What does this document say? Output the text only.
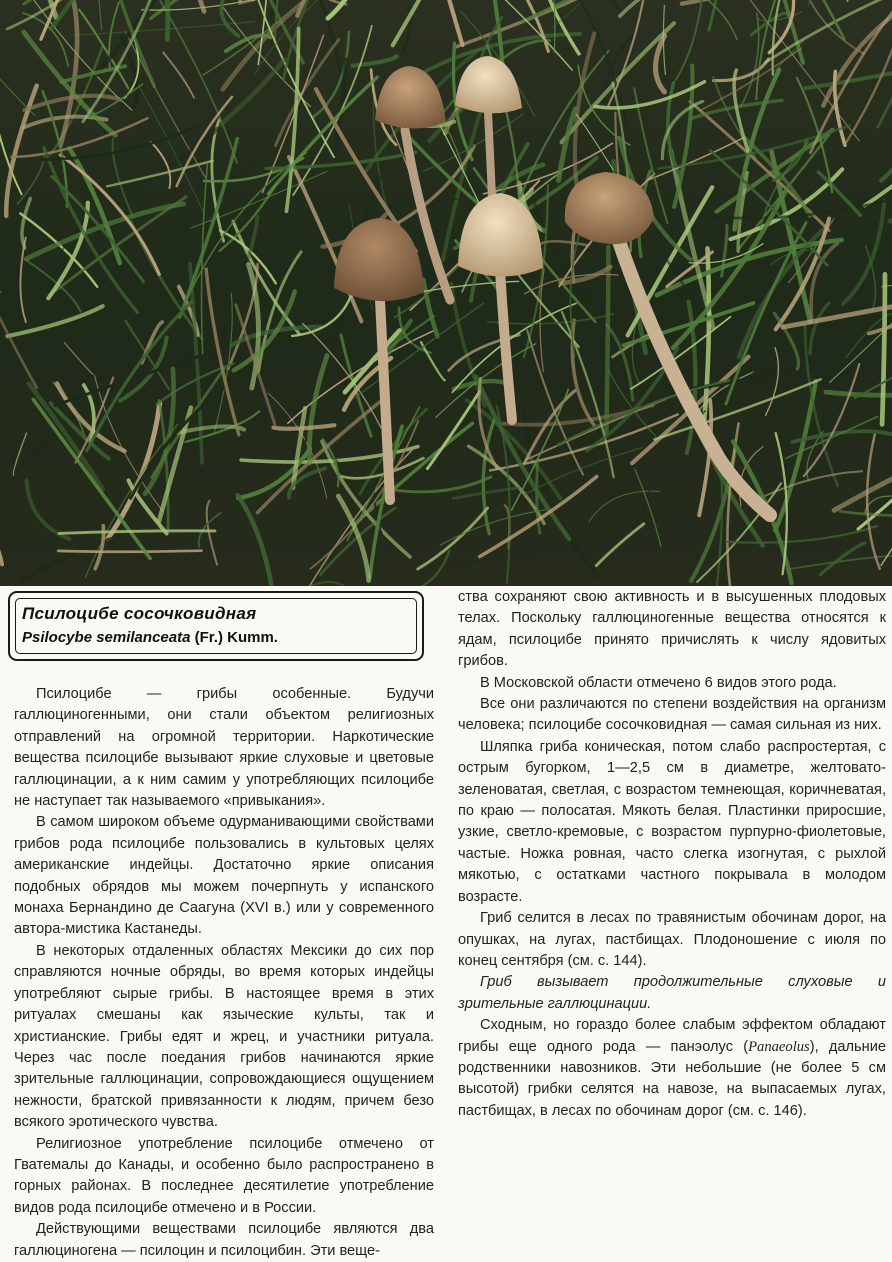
Псилоцибе сосочковидная

Psilocybe semilanceata (Fr.) Kumm.

Псилоцибе — грибы особенные. Будучи галлюциногенными, они стали объектом религиозных отправлений на огромной территории. Наркотические вещества псилоцибе вызывают яркие слуховые и цветовые галлюцинации, а к ним самим у употребляющих псилоцибе не наступает так называемого «привыкания».

В самом широком объеме одурманивающими свойствами грибов рода псилоцибе пользовались в культовых целях американские индейцы. Достаточно яркие описания подобных обрядов мы можем почерпнуть у испанского монаха Бернандино де Саагуна (XVI в.) или у современного автора-мистика Кастанеды.

В некоторых отдаленных областях Мексики до сих пор справляются ночные обряды, во время которых индейцы употребляют сырые грибы. В настоящее время в этих ритуалах смешаны как языческие культы, так и христианские. Грибы едят и жрец, и участники ритуала. Через час после поедания грибов начинаются яркие зрительные галлюцинации, сопровождающиеся ощущением нежности, братской привязанности к людям, причем безо всякого эротического чувства.

Религиозное употребление псилоцибе отмечено от Гватемалы до Канады, и особенно было распространено в горных районах. В последнее десятилетие употребление видов рода псилоцибе отмечено и в России.

Действующими веществами псилоцибе являются два галлюциногена — псилоцин и псилоцибин. Эти веще-

ства сохраняют свою активность и в высушенных плодовых телах. Поскольку галлюциногенные вещества относятся к ядам, псилоцибе принято причислять к числу ядовитых грибов.

В Московской области отмечено 6 видов этого рода.

Все они различаются по степени воздействия на организм человека; псилоцибе сосочковидная — самая сильная из них.

Шляпка гриба коническая, потом слабо распростертая, с острым бугорком, 1—2,5 см в диаметре, желтовато-зеленоватая, светлая, с возрастом темнеющая, коричневатая, по краю — полосатая. Мякоть белая. Пластинки приросшие, узкие, светло-кремовые, с возрастом пурпурно-фиолетовые, частые. Ножка ровная, часто слегка изогнутая, с рыхлой мякотью, с остатками частного покрывала в молодом возрасте.

Гриб селится в лесах по травянистым обочинам дорог, на опушках, на лугах, пастбищах. Плодоношение с июля по конец сентября (см. с. 144).

Гриб вызывает продолжительные слуховые и зрительные галлюцинации.

Сходным, но гораздо более слабым эффектом обладают грибы еще одного рода — панэолус (Panaeolus), дальние родственники навозников. Эти небольшие (не более 5 см высотой) грибки селятся на навозе, на выпасаемых лугах, пастбищах, в лесах по обочинам дорог (см. с. 146).
